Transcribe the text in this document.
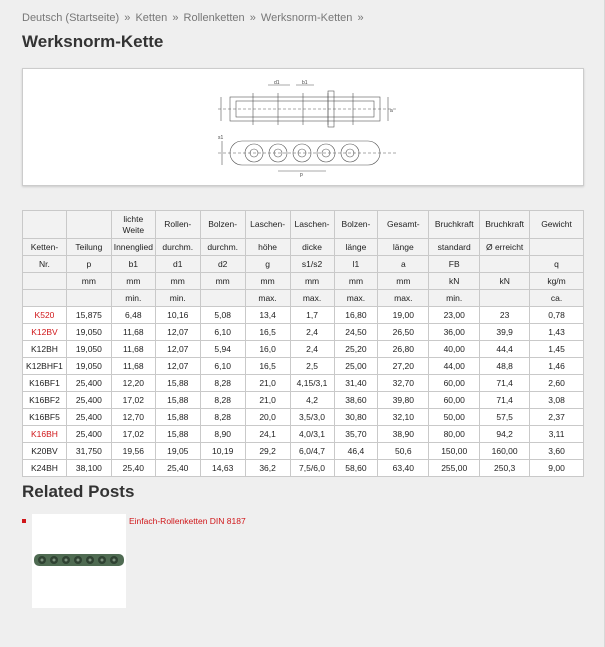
Deutsch (Startseite) » Ketten » Rollenketten » Werksnorm-Ketten »
Werksnorm-Kette
d1	b1
a
p
s1
		lichte Weite	Rollen-	Bolzen-	Laschen-	Laschen-	Bolzen-	Gesamt-	Bruchkraft	Bruchkraft	Gewicht
Ketten-	Teilung	Innenglied	durchm.	durchm.	höhe	dicke	länge	länge	standard	Ø erreicht	
Nr.	p	b1	d1	d2	g	s1/s2	l1	a	FB		q
	mm	mm	mm	mm	mm	mm	mm	mm	kN	kN	kg/m
		min.	min.		max.	max.	max.	max.	min.		ca.
K520	15,875	6,48	10,16	5,08	13,4	1,7	16,80	19,00	23,00	23	0,78
K12BV	19,050	11,68	12,07	6,10	16,5	2,4	24,50	26,50	36,00	39,9	1,43
K12BH	19,050	11,68	12,07	5,94	16,0	2,4	25,20	26,80	40,00	44,4	1,45
K12BHF1	19,050	11,68	12,07	6,10	16,5	2,5	25,00	27,20	44,00	48,8	1,46
K16BF1	25,400	12,20	15,88	8,28	21,0	4,15/3,1	31,40	32,70	60,00	71,4	2,60
K16BF2	25,400	17,02	15,88	8,28	21,0	4,2	38,60	39,80	60,00	71,4	3,08
K16BF5	25,400	12,70	15,88	8,28	20,0	3,5/3,0	30,80	32,10	50,00	57,5	2,37
K16BH	25,400	17,02	15,88	8,90	24,1	4,0/3,1	35,70	38,90	80,00	94,2	3,11
K20BV	31,750	19,56	19,05	10,19	29,2	6,0/4,7	46,4	50,6	150,00	160,00	3,60
K24BH	38,100	25,40	25,40	14,63	36,2	7,5/6,0	58,60	63,40	255,00	250,3	9,00
Related Posts
Einfach-Rollenketten DIN 8187
